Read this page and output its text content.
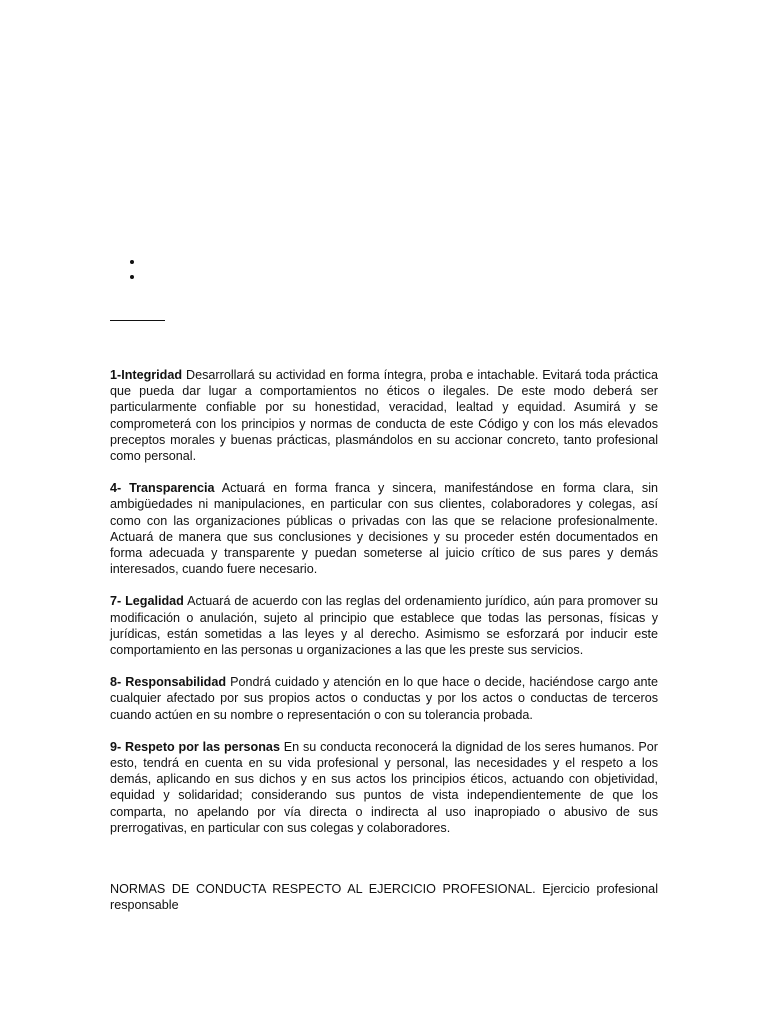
1-Integridad Desarrollará su actividad en forma íntegra, proba e intachable. Evitará toda práctica que pueda dar lugar a comportamientos no éticos o ilegales. De este modo deberá ser particularmente confiable por su honestidad, veracidad, lealtad y equidad. Asumirá y se comprometerá con los principios y normas de conducta de este Código y con los más elevados preceptos morales y buenas prácticas, plasmándolos en su accionar concreto, tanto profesional como personal.

4- Transparencia Actuará en forma franca y sincera, manifestándose en forma clara, sin ambigüedades ni manipulaciones, en particular con sus clientes, colaboradores y colegas, así como con las organizaciones públicas o privadas con las que se relacione profesionalmente. Actuará de manera que sus conclusiones y decisiones y su proceder estén documentados en forma adecuada y transparente y puedan someterse al juicio crítico de sus pares y demás interesados, cuando fuere necesario.

7- Legalidad Actuará de acuerdo con las reglas del ordenamiento jurídico, aún para promover su modificación o anulación, sujeto al principio que establece que todas las personas, físicas y jurídicas, están sometidas a las leyes y al derecho. Asimismo se esforzará por inducir este comportamiento en las personas u organizaciones a las que les preste sus servicios.

8- Responsabilidad Pondrá cuidado y atención en lo que hace o decide, haciéndose cargo ante cualquier afectado por sus propios actos o conductas y por los actos o conductas de terceros cuando actúen en su nombre o representación o con su tolerancia probada.

9- Respeto por las personas En su conducta reconocerá la dignidad de los seres humanos. Por esto, tendrá en cuenta en su vida profesional y personal, las necesidades y el respeto a los demás, aplicando en sus dichos y en sus actos los principios éticos, actuando con objetividad, equidad y solidaridad; considerando sus puntos de vista independientemente de que los comparta, no apelando por vía directa o indirecta al uso inapropiado o abusivo de sus prerrogativas, en particular con sus colegas y colaboradores.

NORMAS DE CONDUCTA RESPECTO AL EJERCICIO PROFESIONAL. Ejercicio profesional responsable
